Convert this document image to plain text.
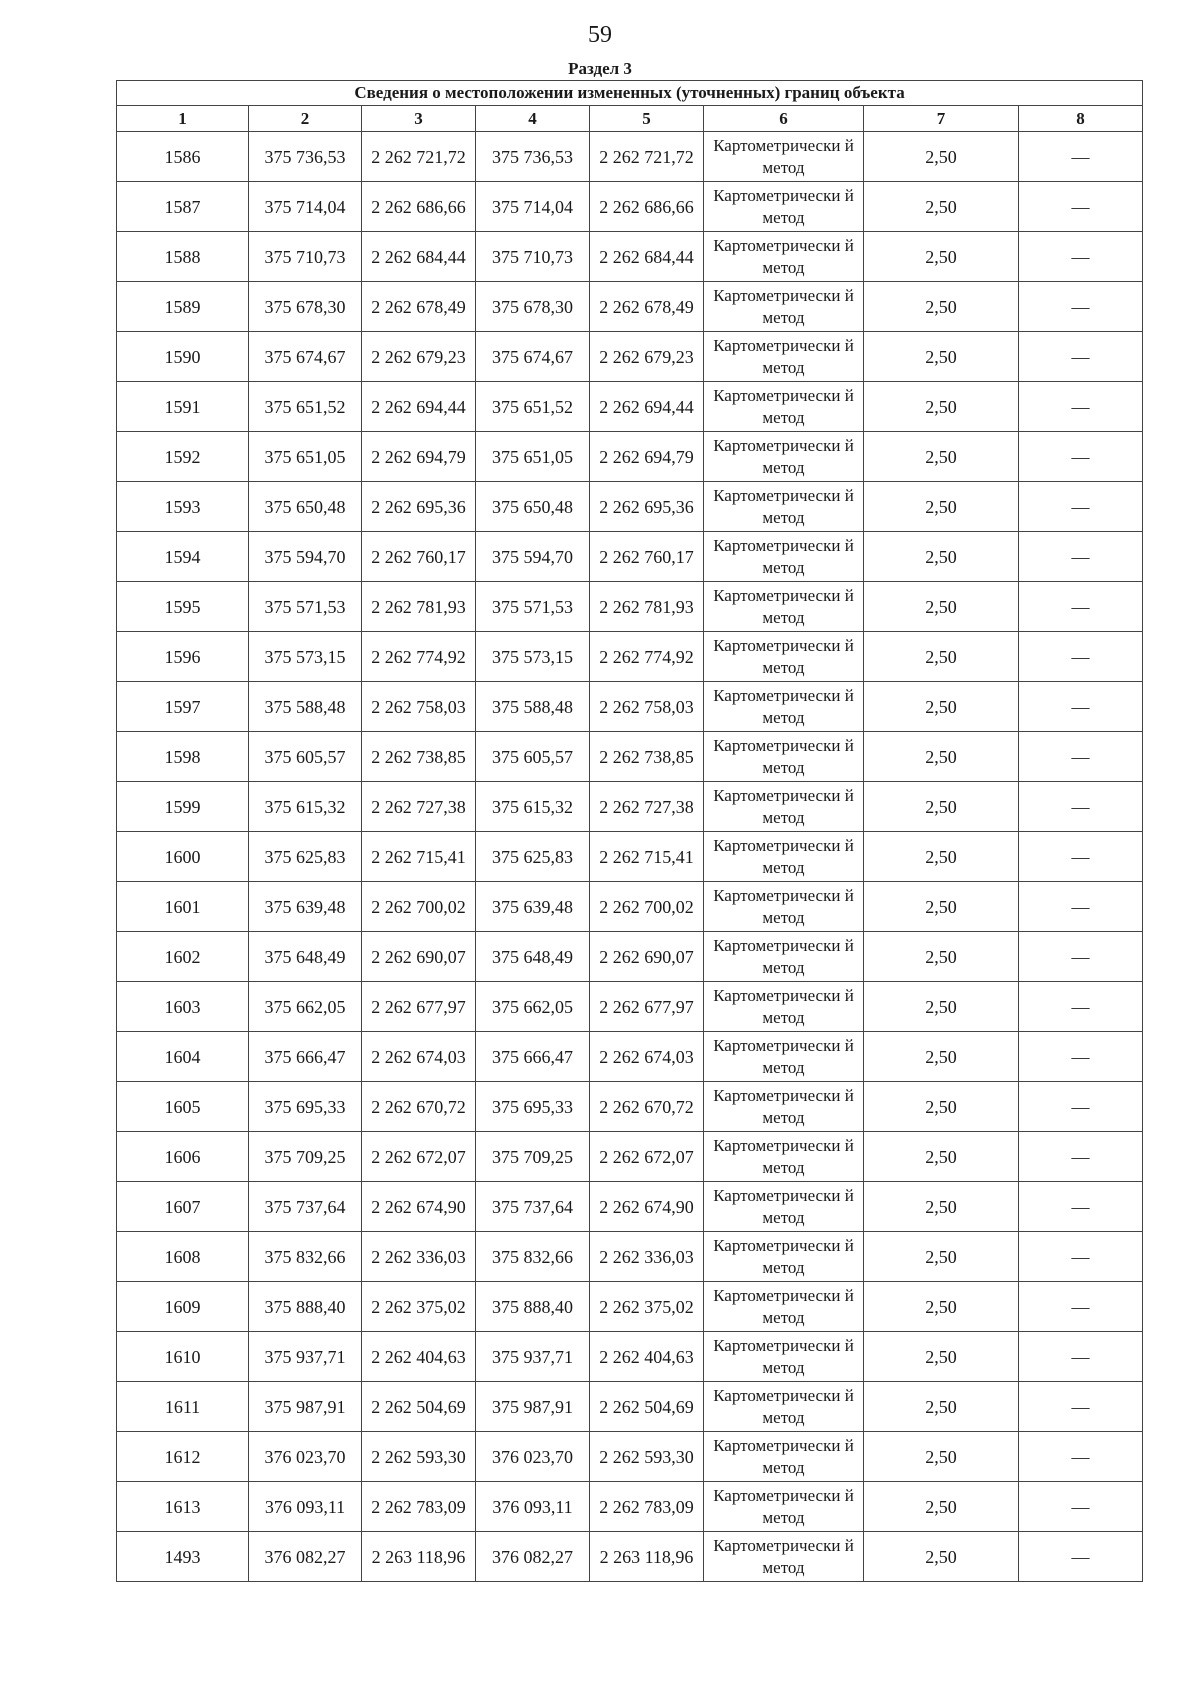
59
Раздел 3
Сведения о местоположении измененных (уточненных) границ объекта							
1	2	3	4	5	6	7	8
1586	375 736,53	2 262 721,72	375 736,53	2 262 721,72	Картометрически й метод	2,50	—
1587	375 714,04	2 262 686,66	375 714,04	2 262 686,66	Картометрически й метод	2,50	—
1588	375 710,73	2 262 684,44	375 710,73	2 262 684,44	Картометрически й метод	2,50	—
1589	375 678,30	2 262 678,49	375 678,30	2 262 678,49	Картометрически й метод	2,50	—
1590	375 674,67	2 262 679,23	375 674,67	2 262 679,23	Картометрически й метод	2,50	—
1591	375 651,52	2 262 694,44	375 651,52	2 262 694,44	Картометрически й метод	2,50	—
1592	375 651,05	2 262 694,79	375 651,05	2 262 694,79	Картометрически й метод	2,50	—
1593	375 650,48	2 262 695,36	375 650,48	2 262 695,36	Картометрически й метод	2,50	—
1594	375 594,70	2 262 760,17	375 594,70	2 262 760,17	Картометрически й метод	2,50	—
1595	375 571,53	2 262 781,93	375 571,53	2 262 781,93	Картометрически й метод	2,50	—
1596	375 573,15	2 262 774,92	375 573,15	2 262 774,92	Картометрически й метод	2,50	—
1597	375 588,48	2 262 758,03	375 588,48	2 262 758,03	Картометрически й метод	2,50	—
1598	375 605,57	2 262 738,85	375 605,57	2 262 738,85	Картометрически й метод	2,50	—
1599	375 615,32	2 262 727,38	375 615,32	2 262 727,38	Картометрически й метод	2,50	—
1600	375 625,83	2 262 715,41	375 625,83	2 262 715,41	Картометрически й метод	2,50	—
1601	375 639,48	2 262 700,02	375 639,48	2 262 700,02	Картометрически й метод	2,50	—
1602	375 648,49	2 262 690,07	375 648,49	2 262 690,07	Картометрически й метод	2,50	—
1603	375 662,05	2 262 677,97	375 662,05	2 262 677,97	Картометрически й метод	2,50	—
1604	375 666,47	2 262 674,03	375 666,47	2 262 674,03	Картометрически й метод	2,50	—
1605	375 695,33	2 262 670,72	375 695,33	2 262 670,72	Картометрически й метод	2,50	—
1606	375 709,25	2 262 672,07	375 709,25	2 262 672,07	Картометрически й метод	2,50	—
1607	375 737,64	2 262 674,90	375 737,64	2 262 674,90	Картометрически й метод	2,50	—
1608	375 832,66	2 262 336,03	375 832,66	2 262 336,03	Картометрически й метод	2,50	—
1609	375 888,40	2 262 375,02	375 888,40	2 262 375,02	Картометрически й метод	2,50	—
1610	375 937,71	2 262 404,63	375 937,71	2 262 404,63	Картометрически й метод	2,50	—
1611	375 987,91	2 262 504,69	375 987,91	2 262 504,69	Картометрически й метод	2,50	—
1612	376 023,70	2 262 593,30	376 023,70	2 262 593,30	Картометрически й метод	2,50	—
1613	376 093,11	2 262 783,09	376 093,11	2 262 783,09	Картометрически й метод	2,50	—
1493	376 082,27	2 263 118,96	376 082,27	2 263 118,96	Картометрически й метод	2,50	—
